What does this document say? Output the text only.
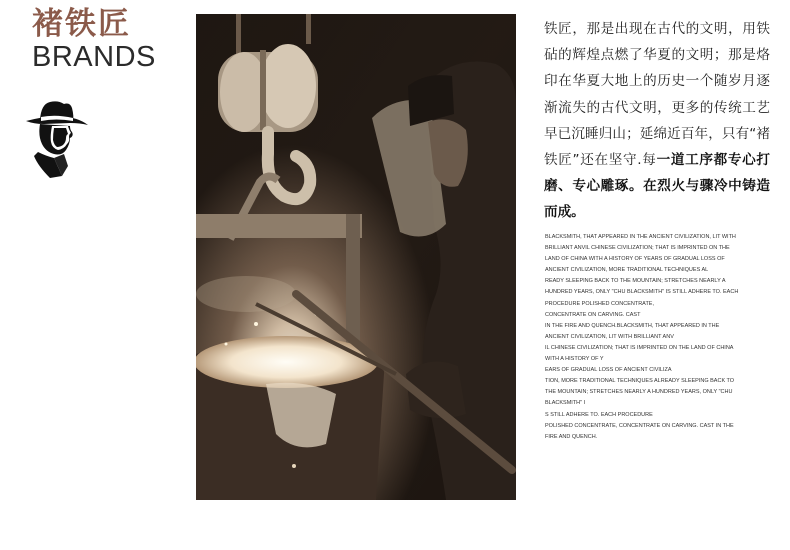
褚铁匠
BRANDS
铁匠，那是出现在古代的文明，用铁砧的辉煌点燃了华夏的文明；那是烙印在华夏大地上的历史一个随岁月逐渐流失的古代文明，更多的传统工艺早已沉睡归山；延绵近百年，只有“褚铁匠”还在坚守.每一道工序都专心打磨、专心雕琢。在烈火与骤冷中铸造而成。
BLACKSMITH, THAT APPEARED IN THE ANCIENT CIVILIZATION, LIT WITH
BRILLIANT ANVIL CHINESE CIVILIZATION; THAT IS IMPRINTED ON THE
LAND OF CHINA WITH A HISTORY OF YEARS OF GRADUAL LOSS OF
ANCIENT CIVILIZATION, MORE TRADITIONAL TECHNIQUES AL
READY SLEEPING BACK TO THE MOUNTAIN; STRETCHES NEARLY A
HUNDRED YEARS, ONLY "CHU BLACKSMITH" IS STILL ADHERE TO. EACH
PROCEDURE POLISHED CONCENTRATE,
CONCENTRATE ON CARVING. CAST
IN THE FIRE AND QUENCH.BLACKSMITH, THAT APPEARED IN THE
ANCIENT CIVILIZATION, LIT WITH BRILLIANT ANV
IL CHINESE CIVILIZATION; THAT IS IMPRINTED ON THE LAND OF CHINA
WITH A HISTORY OF Y
EARS OF GRADUAL LOSS OF ANCIENT CIVILIZA
TION, MORE TRADITIONAL TECHNIQUES ALREADY SLEEPING BACK TO
THE MOUNTAIN; STRETCHES NEARLY A HUNDRED YEARS, ONLY "CHU
BLACKSMITH" I
S STILL ADHERE TO. EACH PROCEDURE
POLISHED CONCENTRATE, CONCENTRATE ON CARVING. CAST IN THE
FIRE AND QUENCH.
